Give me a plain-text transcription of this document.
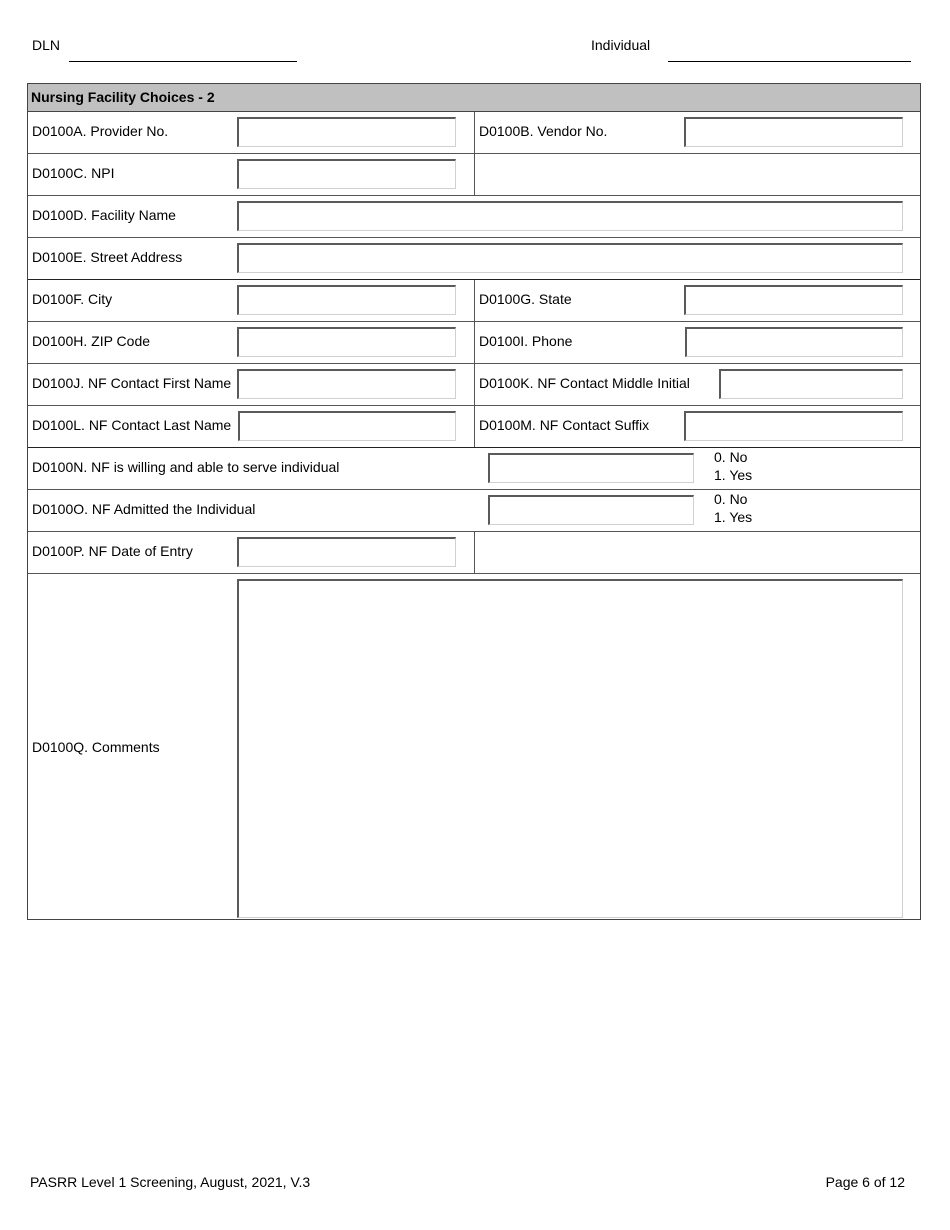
DLN	Individual
Nursing Facility Choices - 2
D0100A. Provider No.	D0100B. Vendor No.
D0100C. NPI
D0100D. Facility Name
D0100E. Street Address
D0100F. City	D0100G. State
D0100H. ZIP Code	D0100I. Phone
D0100J. NF Contact First Name	D0100K. NF Contact Middle Initial
D0100L. NF Contact Last Name	D0100M. NF Contact Suffix
D0100N. NF is willing and able to serve individual
0. No
1. Yes
D0100O. NF Admitted the Individual
0. No
1. Yes
D0100P. NF Date of Entry
D0100Q. Comments
PASRR Level 1 Screening, August, 2021, V.3	Page 6 of 12
